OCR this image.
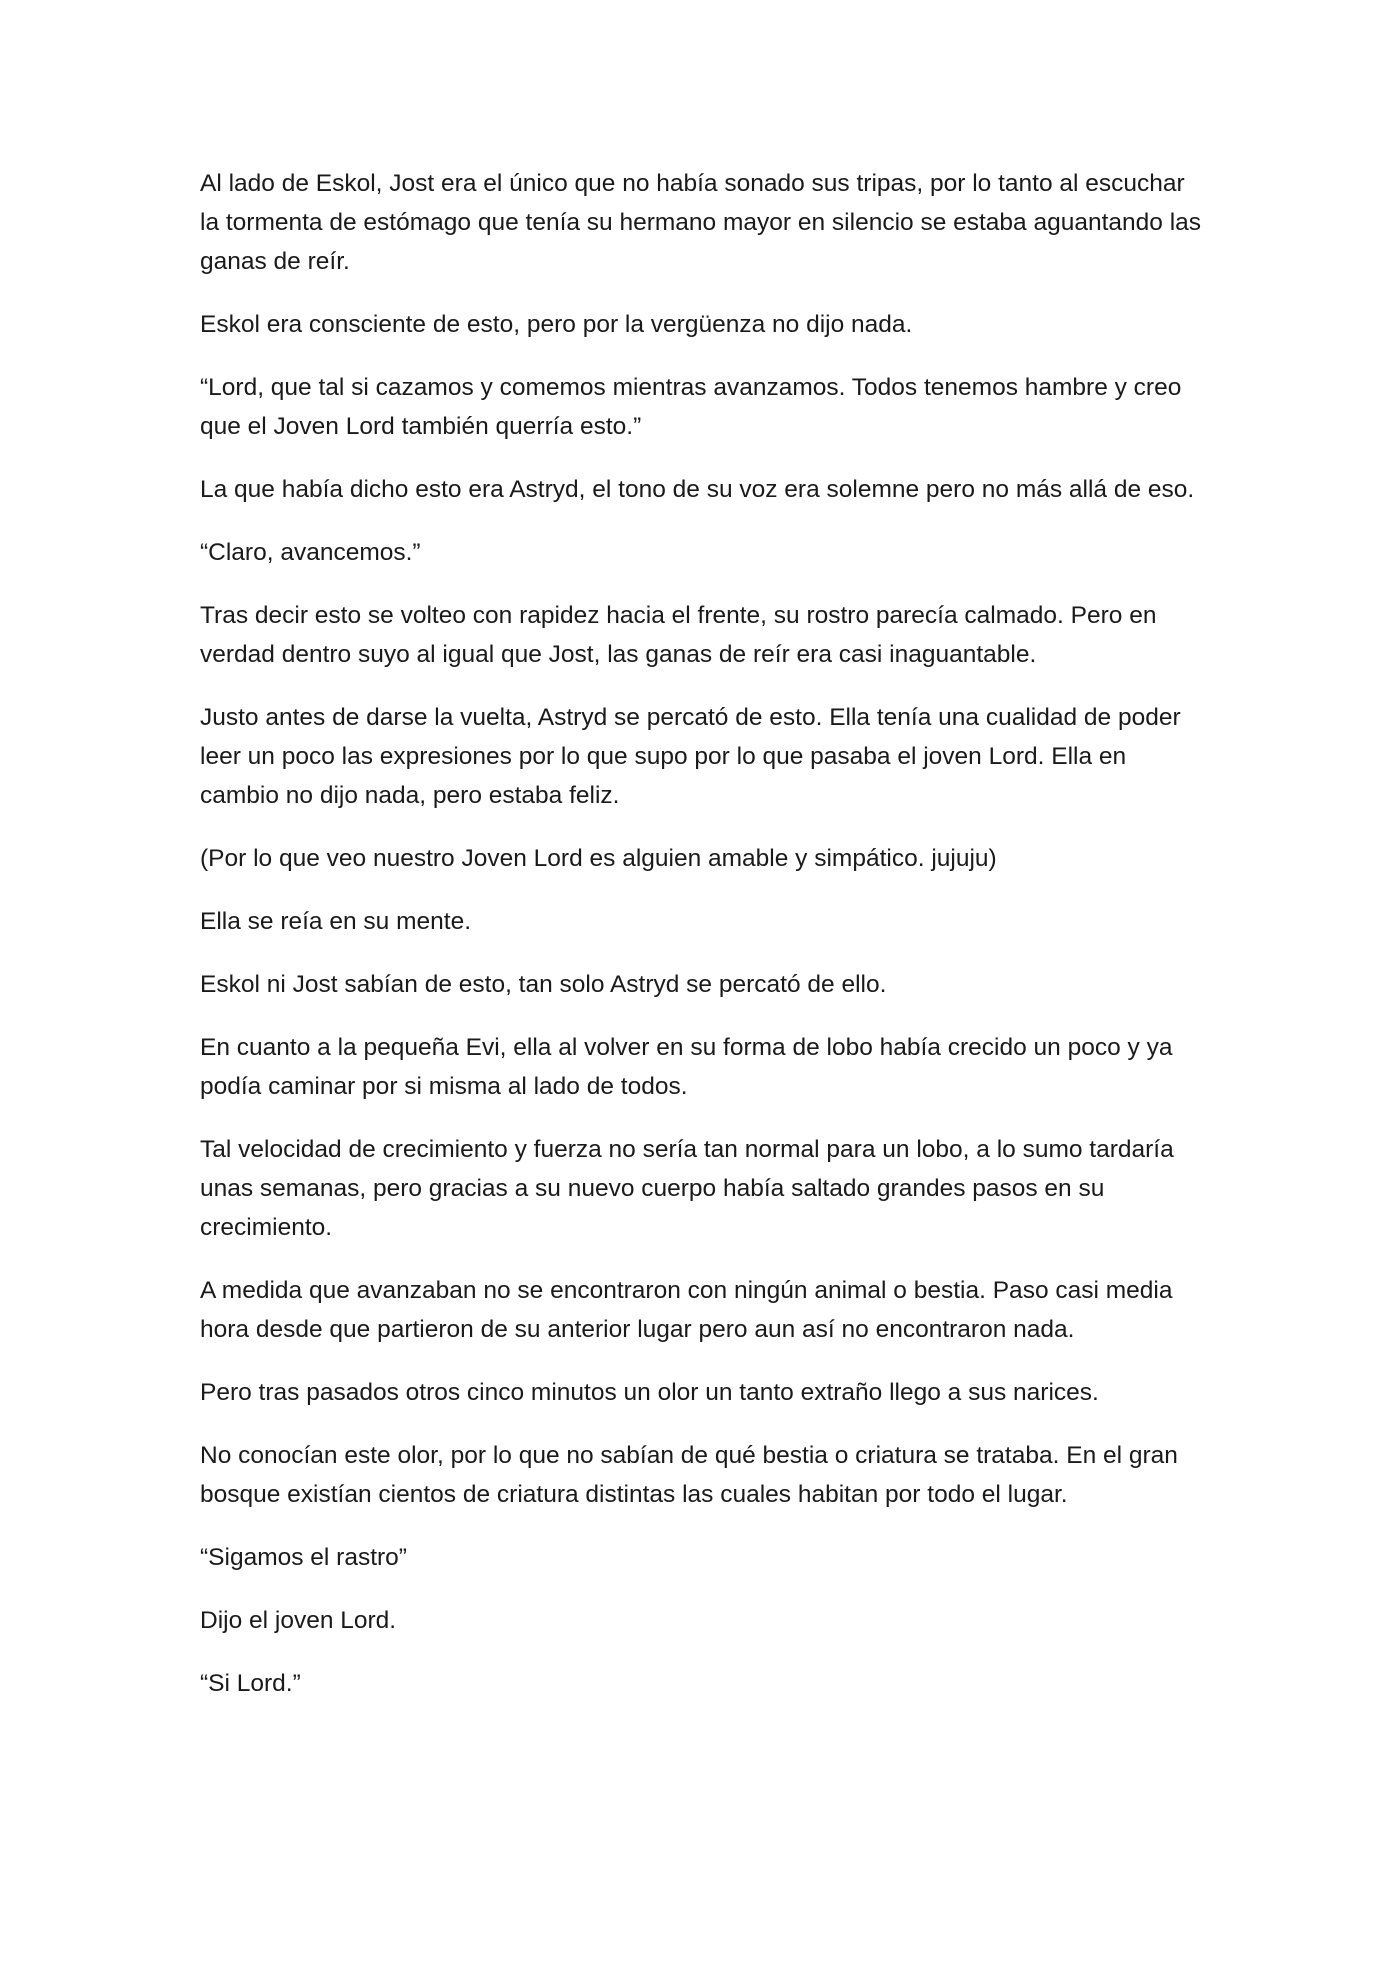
Al lado de Eskol, Jost era el único que no había sonado sus tripas, por lo tanto al escuchar la tormenta de estómago que tenía su hermano mayor en silencio se estaba aguantando las ganas de reír.

Eskol era consciente de esto, pero por la vergüenza no dijo nada.

“Lord, que tal si cazamos y comemos mientras avanzamos. Todos tenemos hambre y creo que el Joven Lord también querría esto.”

La que había dicho esto era Astryd, el tono de su voz era solemne pero no más allá de eso.

“Claro, avancemos.”

Tras decir esto se volteo con rapidez hacia el frente, su rostro parecía calmado. Pero en verdad dentro suyo al igual que Jost, las ganas de reír era casi inaguantable.

Justo antes de darse la vuelta, Astryd se percató de esto. Ella tenía una cualidad de poder leer un poco las expresiones por lo que supo por lo que pasaba el joven Lord. Ella en cambio no dijo nada, pero estaba feliz.

(Por lo que veo nuestro Joven Lord es alguien amable y simpático. jujuju)

Ella se reía en su mente.

Eskol ni Jost sabían de esto, tan solo Astryd se percató de ello.

En cuanto a la pequeña Evi, ella al volver en su forma de lobo había crecido un poco y ya podía caminar por si misma al lado de todos.

Tal velocidad de crecimiento y fuerza no sería tan normal para un lobo, a lo sumo tardaría unas semanas, pero gracias a su nuevo cuerpo había saltado grandes pasos en su crecimiento.

A medida que avanzaban no se encontraron con ningún animal o bestia. Paso casi media hora desde que partieron de su anterior lugar pero aun así no encontraron nada.

Pero tras pasados otros cinco minutos un olor un tanto extraño llego a sus narices.

No conocían este olor, por lo que no sabían de qué bestia o criatura se trataba. En el gran bosque existían cientos de criatura distintas las cuales habitan por todo el lugar.

“Sigamos el rastro”

Dijo el joven Lord.

“Si Lord.”
